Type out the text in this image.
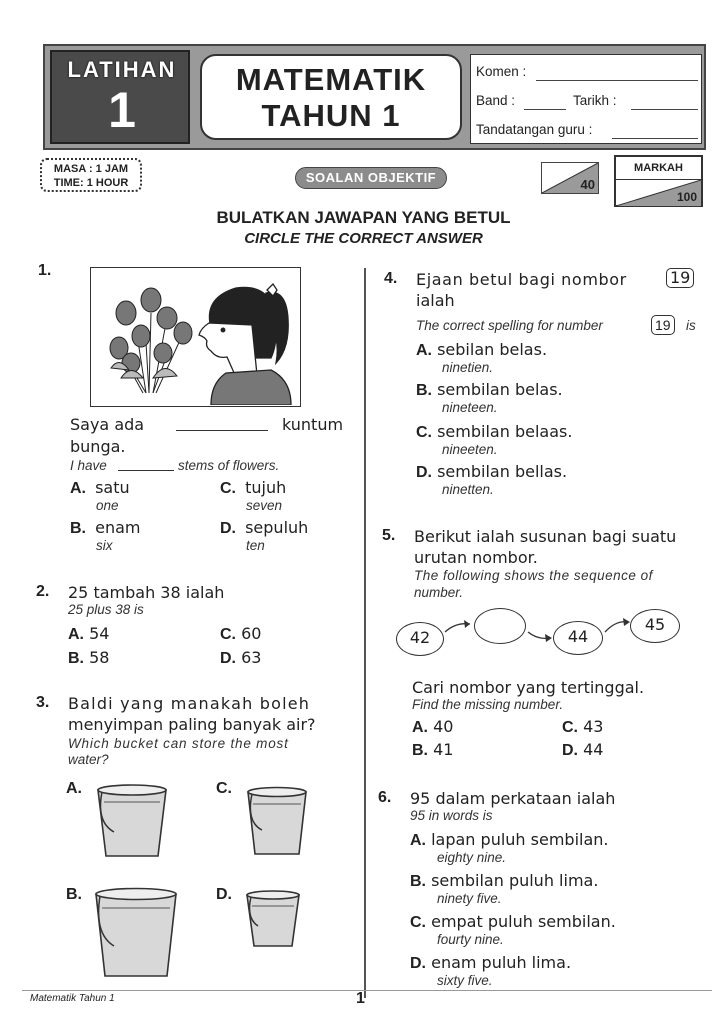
LATIHAN
1
MATEMATIK
TAHUN 1
Komen :
Band :	Tarikh :
Tandatangan guru :
MASA : 1 JAM
TIME: 1 HOUR	SOALAN OBJEKTIF	40
MARKAH
100
BULATKAN JAWAPAN YANG BETUL
CIRCLE THE CORRECT ANSWER
1.
Saya ada	kuntum
bunga.
I have	stems of flowers.
A. satu
one
C. tujuh
seven
B. enam
six
D. sepuluh
ten
2. 25 tambah 38 ialah
25 plus 38 is
A. 54	C. 60
B. 58	D. 63
3. Baldi yang manakah boleh
menyimpan paling banyak air?
Which bucket can store the most
water?
A.	C.
B.	D.
4. Ejaan betul bagi nombor	19
ialah
The correct spelling for number	19 is
A. sebilan belas.
ninetien.
B. sembilan belas.
nineteen.
C. sembilan belaas.
nineeten.
D. sembilan bellas.
ninetten.
5. Berikut ialah susunan bagi suatu
urutan nombor.
The following shows the sequence of
number.
42	44
45
Cari nombor yang tertinggal.
Find the missing number.
A. 40	C. 43
B. 41	D. 44
6. 95 dalam perkataan ialah
95 in words is
A. lapan puluh sembilan.
eighty nine.
B. sembilan puluh lima.
ninety five.
C. empat puluh sembilan.
fourty nine.
D. enam puluh lima.
sixty five.
Matematik Tahun 1	1
